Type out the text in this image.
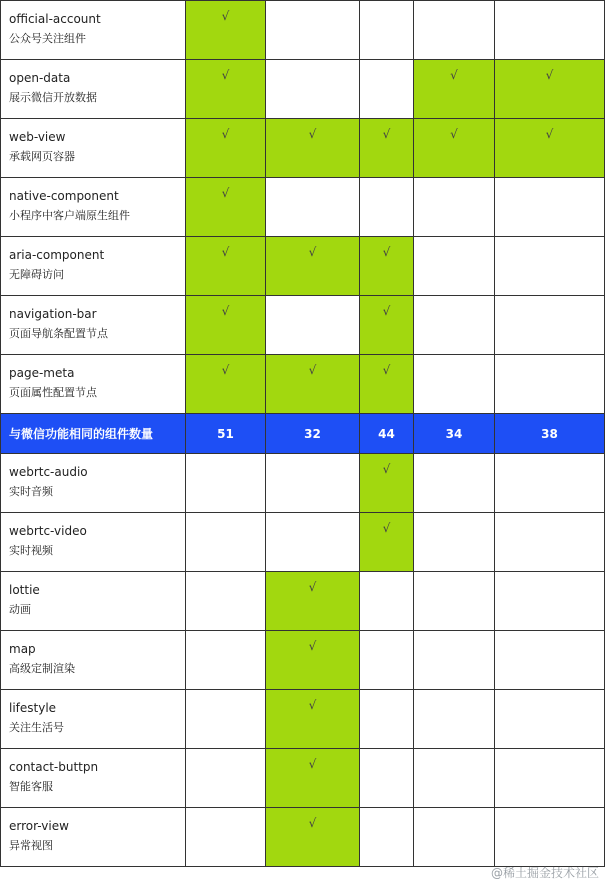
official-account
公众号关注组件	√				

open-data
展示微信开放数据	√			√	√

web-view
承载网页容器	√	√	√	√	√

native-component
小程序中客户端原生组件	√				

aria-component
无障碍访问	√	√	√		

navigation-bar
页面导航条配置节点	√		√		

page-meta
页面属性配置节点	√	√	√		
与微信功能相同的组件数量	51	32	44	34	38

webrtc-audio
实时音频			√		

webrtc-video
实时视频			√		

lottie
动画		√			

map
高级定制渲染		√			

lifestyle
关注生活号		√			

contact-buttpn
智能客服		√			

error-view
异常视图		√			
@稀土掘金技术社区
